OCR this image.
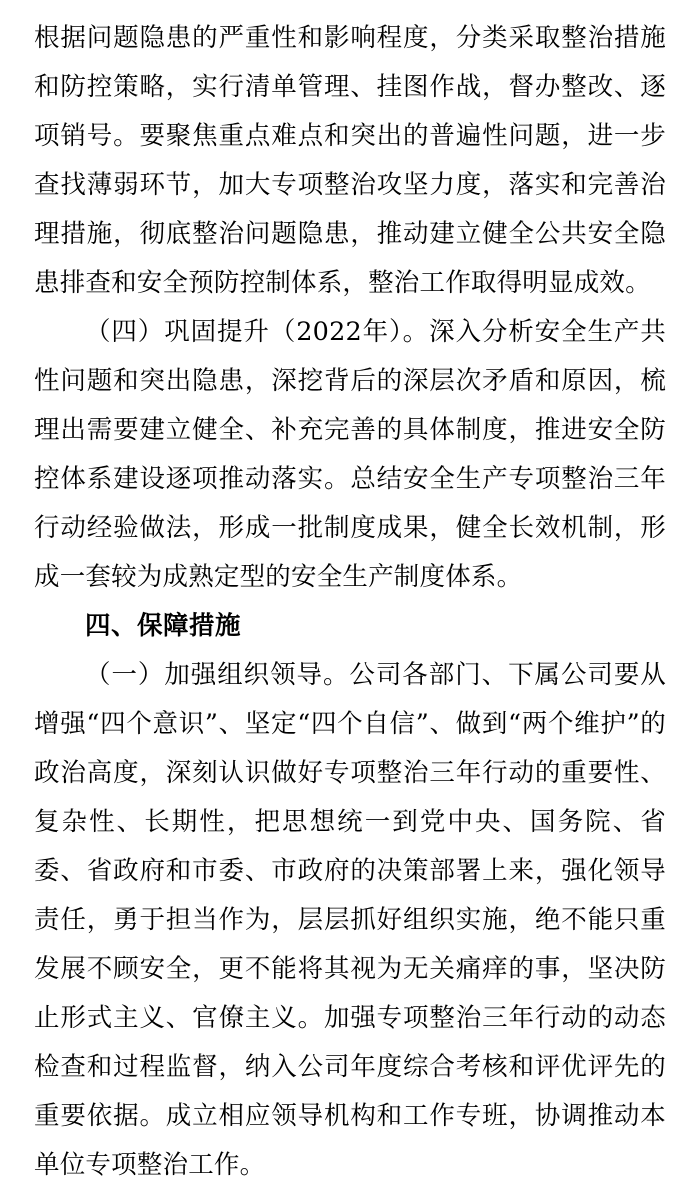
根据问题隐患的严重性和影响程度，分类采取整治措施和防控策略，实行清单管理、挂图作战，督办整改、逐项销号。要聚焦重点难点和突出的普遍性问题，进一步查找薄弱环节，加大专项整治攻坚力度，落实和完善治理措施，彻底整治问题隐患，推动建立健全公共安全隐患排查和安全预防控制体系，整治工作取得明显成效。

（四）巩固提升（2022年）。深入分析安全生产共性问题和突出隐患，深挖背后的深层次矛盾和原因，梳理出需要建立健全、补充完善的具体制度，推进安全防控体系建设逐项推动落实。总结安全生产专项整治三年行动经验做法，形成一批制度成果，健全长效机制，形成一套较为成熟定型的安全生产制度体系。

四、保障措施

（一）加强组织领导。公司各部门、下属公司要从增强“四个意识”、坚定“四个自信”、做到“两个维护”的政治高度，深刻认识做好专项整治三年行动的重要性、复杂性、长期性，把思想统一到党中央、国务院、省委、省政府和市委、市政府的决策部署上来，强化领导责任，勇于担当作为，层层抓好组织实施，绝不能只重发展不顾安全，更不能将其视为无关痛痒的事，坚决防止形式主义、官僚主义。加强专项整治三年行动的动态检查和过程监督，纳入公司年度综合考核和评优评先的重要依据。成立相应领导机构和工作专班，协调推动本单位专项整治工作。
